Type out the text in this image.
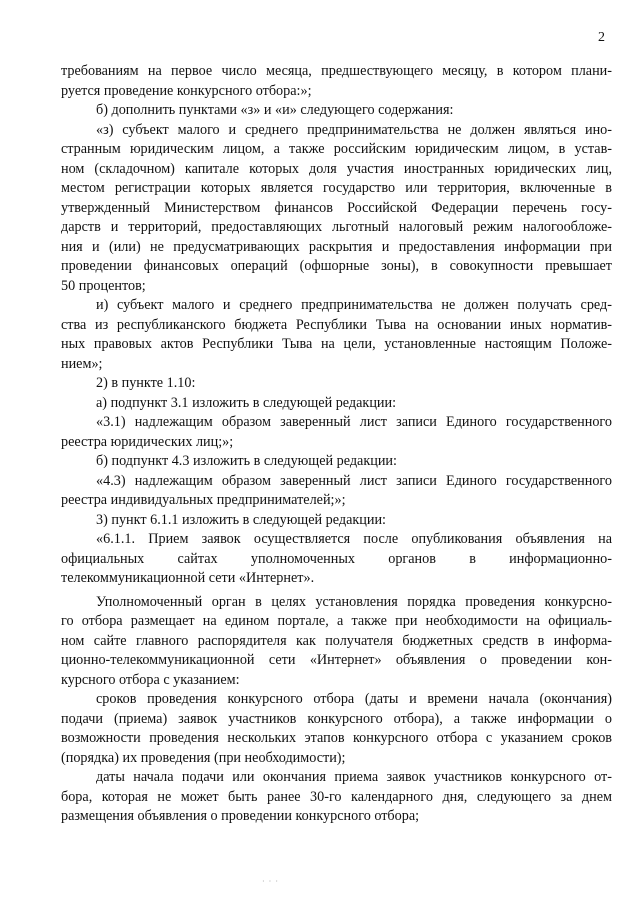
2
требованиям на первое число месяца, предшествующего месяцу, в котором плани-
руется проведение конкурсного отбора:»;
б) дополнить пунктами «з» и «и» следующего содержания:
«з) субъект малого и среднего предпринимательства не должен являться ино-
странным юридическим лицом, а также российским юридическим лицом, в устав-
ном (складочном) капитале которых доля участия иностранных юридических лиц,
местом регистрации которых является государство или территория, включенные в
утвержденный Министерством финансов Российской Федерации перечень госу-
дарств и территорий, предоставляющих льготный налоговый режим налогообложе-
ния и (или) не предусматривающих раскрытия и предоставления информации при
проведении финансовых операций (офшорные зоны), в совокупности превышает
50 процентов;
и) субъект малого и среднего предпринимательства не должен получать сред-
ства из республиканского бюджета Республики Тыва на основании иных норматив-
ных правовых актов Республики Тыва на цели, установленные настоящим Положе-
нием»;
2) в пункте 1.10:
а) подпункт 3.1 изложить в следующей редакции:
«3.1) надлежащим образом заверенный лист записи Единого государственного
реестра юридических лиц;»;
б) подпункт 4.3 изложить в следующей редакции:
«4.3) надлежащим образом заверенный лист записи Единого государственного
реестра индивидуальных предпринимателей;»;
3) пункт 6.1.1 изложить в следующей редакции:
«6.1.1. Прием заявок осуществляется после опубликования объявления на
официальных сайтах уполномоченных органов в информационно-
телекоммуникационной сети «Интернет».
Уполномоченный орган в целях установления порядка проведения конкурсно-
го отбора размещает на едином портале, а также при необходимости на официаль-
ном сайте главного распорядителя как получателя бюджетных средств в информа-
ционно-телекоммуникационной сети «Интернет» объявления о проведении кон-
курсного отбора с указанием:
сроков проведения конкурсного отбора (даты и времени начала (окончания)
подачи (приема) заявок участников конкурсного отбора), а также информации о
возможности проведения нескольких этапов конкурсного отбора с указанием сроков
(порядка) их проведения (при необходимости);
даты начала подачи или окончания приема заявок участников конкурсного от-
бора, которая не может быть ранее 30-го календарного дня, следующего за днем
размещения объявления о проведении конкурсного отбора;
· · ·
